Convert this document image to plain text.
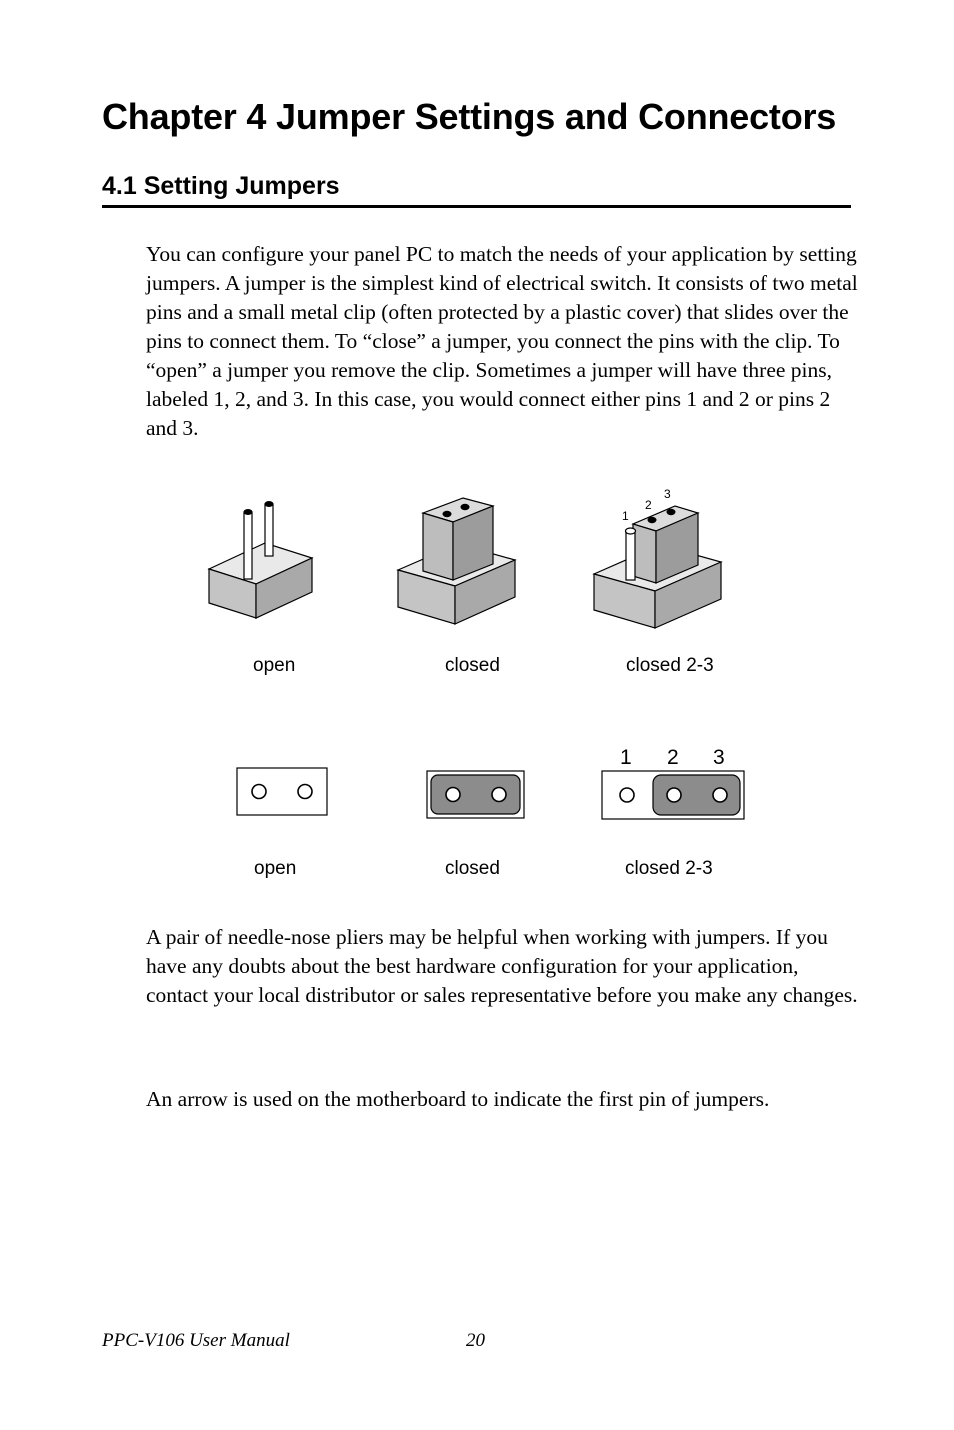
Chapter 4 Jumper Settings and Connectors
4.1 Setting Jumpers

You can configure your panel PC to match the needs of your application by setting jumpers. A jumper is the simplest kind of electrical switch. It consists of two metal pins and a small metal clip (often protected by a plastic cover) that slides over the pins to connect them. To “close” a jumper, you connect the pins with the clip. To “open” a jumper you remove the clip. Sometimes a jumper will have three pins, labeled 1, 2, and 3. In this case, you would connect either pins 1 and 2 or pins 2 and 3.

1
2
3
open	closed	closed 2-3
1 2 3
open	closed	closed 2-3

A pair of needle-nose pliers may be helpful when working with jumpers. If you have any doubts about the best hardware configuration for your application, contact your local distributor or sales representative before you make any changes.

An arrow is used on the motherboard to indicate the first pin of jumpers.

PPC-V106 User Manual	20
